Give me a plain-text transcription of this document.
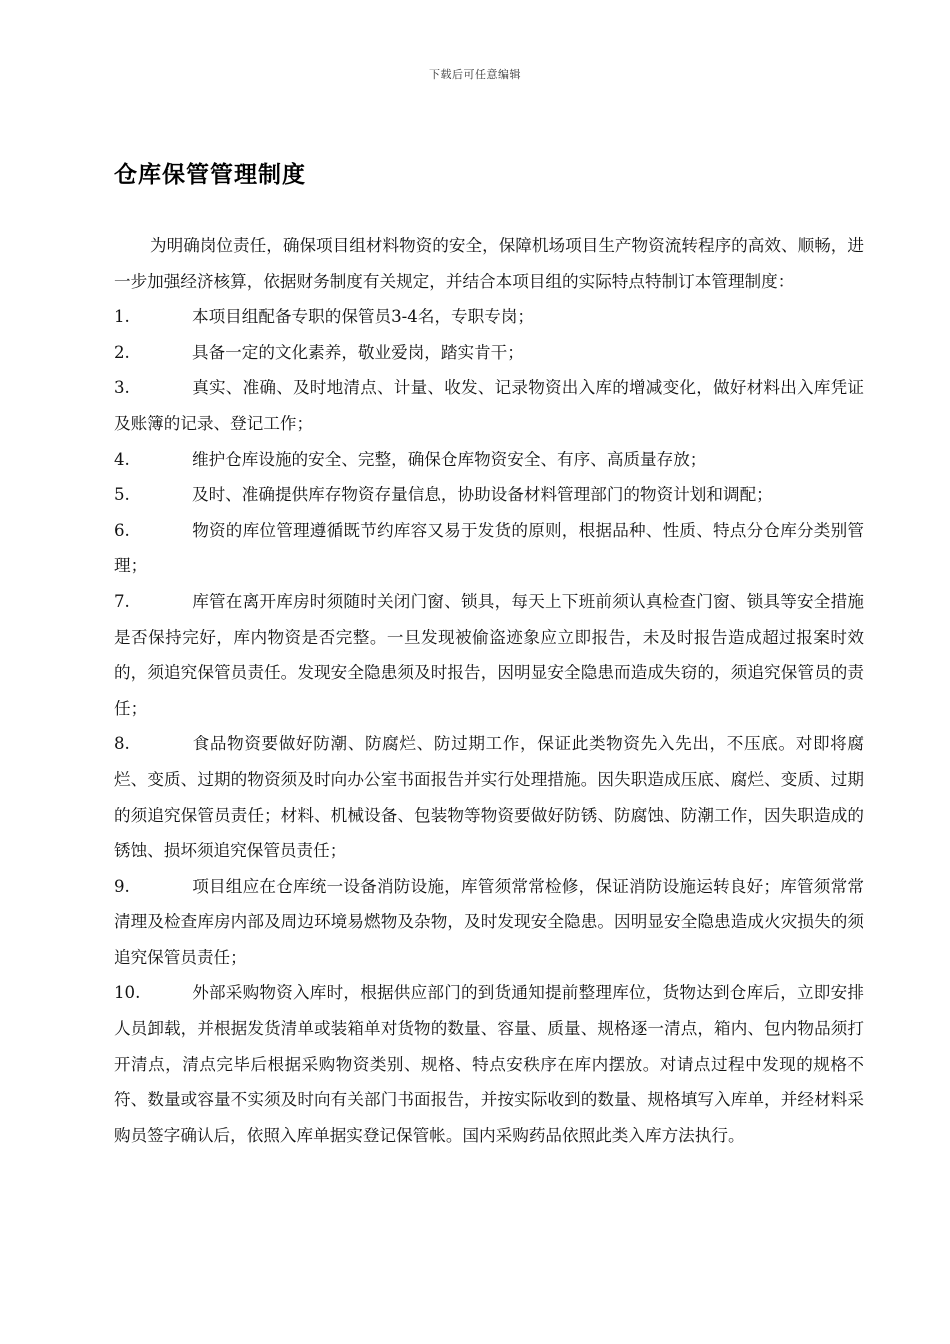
下载后可任意编辑
仓库保管管理制度

为明确岗位责任，确保项目组材料物资的安全，保障机场项目生产物资流转程序的高效、顺畅，进一步加强经济核算，依据财务制度有关规定，并结合本项目组的实际特点特制订本管理制度：

1.	本项目组配备专职的保管员3-4名，专职专岗；

2.	具备一定的文化素养，敬业爱岗，踏实肯干；

3.	真实、准确、及时地清点、计量、收发、记录物资出入库的增减变化，做好材料出入库凭证及账簿的记录、登记工作；

4.	维护仓库设施的安全、完整，确保仓库物资安全、有序、高质量存放；

5.	及时、准确提供库存物资存量信息，协助设备材料管理部门的物资计划和调配；

6.	物资的库位管理遵循既节约库容又易于发货的原则，根据品种、性质、特点分仓库分类别管理；

7.	库管在离开库房时须随时关闭门窗、锁具，每天上下班前须认真检查门窗、锁具等安全措施是否保持完好，库内物资是否完整。一旦发现被偷盗迹象应立即报告，未及时报告造成超过报案时效的，须追究保管员责任。发现安全隐患须及时报告，因明显安全隐患而造成失窃的，须追究保管员的责任；

8.	食品物资要做好防潮、防腐烂、防过期工作，保证此类物资先入先出，不压底。对即将腐烂、变质、过期的物资须及时向办公室书面报告并实行处理措施。因失职造成压底、腐烂、变质、过期的须追究保管员责任；材料、机械设备、包装物等物资要做好防锈、防腐蚀、防潮工作，因失职造成的锈蚀、损坏须追究保管员责任；

9.	项目组应在仓库统一设备消防设施，库管须常常检修，保证消防设施运转良好；库管须常常清理及检查库房内部及周边环境易燃物及杂物，及时发现安全隐患。因明显安全隐患造成火灾损失的须追究保管员责任；

10.	外部采购物资入库时，根据供应部门的到货通知提前整理库位，货物达到仓库后，立即安排人员卸载，并根据发货清单或装箱单对货物的数量、容量、质量、规格逐一清点，箱内、包内物品须打开清点，清点完毕后根据采购物资类别、规格、特点安秩序在库内摆放。对请点过程中发现的规格不符、数量或容量不实须及时向有关部门书面报告，并按实际收到的数量、规格填写入库单，并经材料采购员签字确认后，依照入库单据实登记保管帐。国内采购药品依照此类入库方法执行。
